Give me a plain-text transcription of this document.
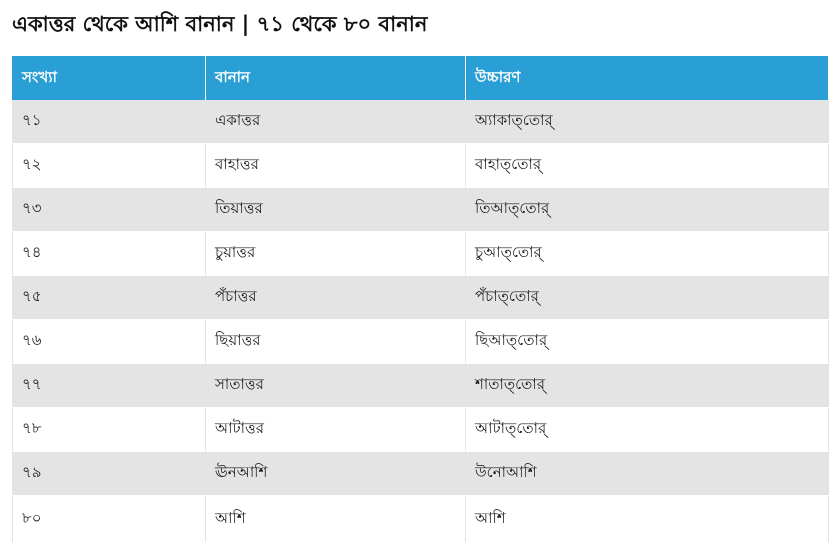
একাত্তর থেকে আশি বানান | ৭১ থেকে ৮০ বানান
সংখ্যা	বানান	উচ্চারণ
৭১	একাত্তর	অ্যাকাত্‌তোর্‌
৭২	বাহাত্তর	বাহাত্‌তোর্‌
৭৩	তিয়াত্তর	তিআত্‌তোর্‌
৭৪	চুয়াত্তর	চুআত্‌তোর্‌
৭৫	পঁচাত্তর	পঁচাত্‌তোর্‌
৭৬	ছিয়াত্তর	ছিআত্‌তোর্‌
৭৭	সাতাত্তর	শাতাত্‌তোর্‌
৭৮	আটাত্তর	আটাত্‌তোর্‌
৭৯	ঊনআশি	উনোআশি
৮০	আশি	আশি
